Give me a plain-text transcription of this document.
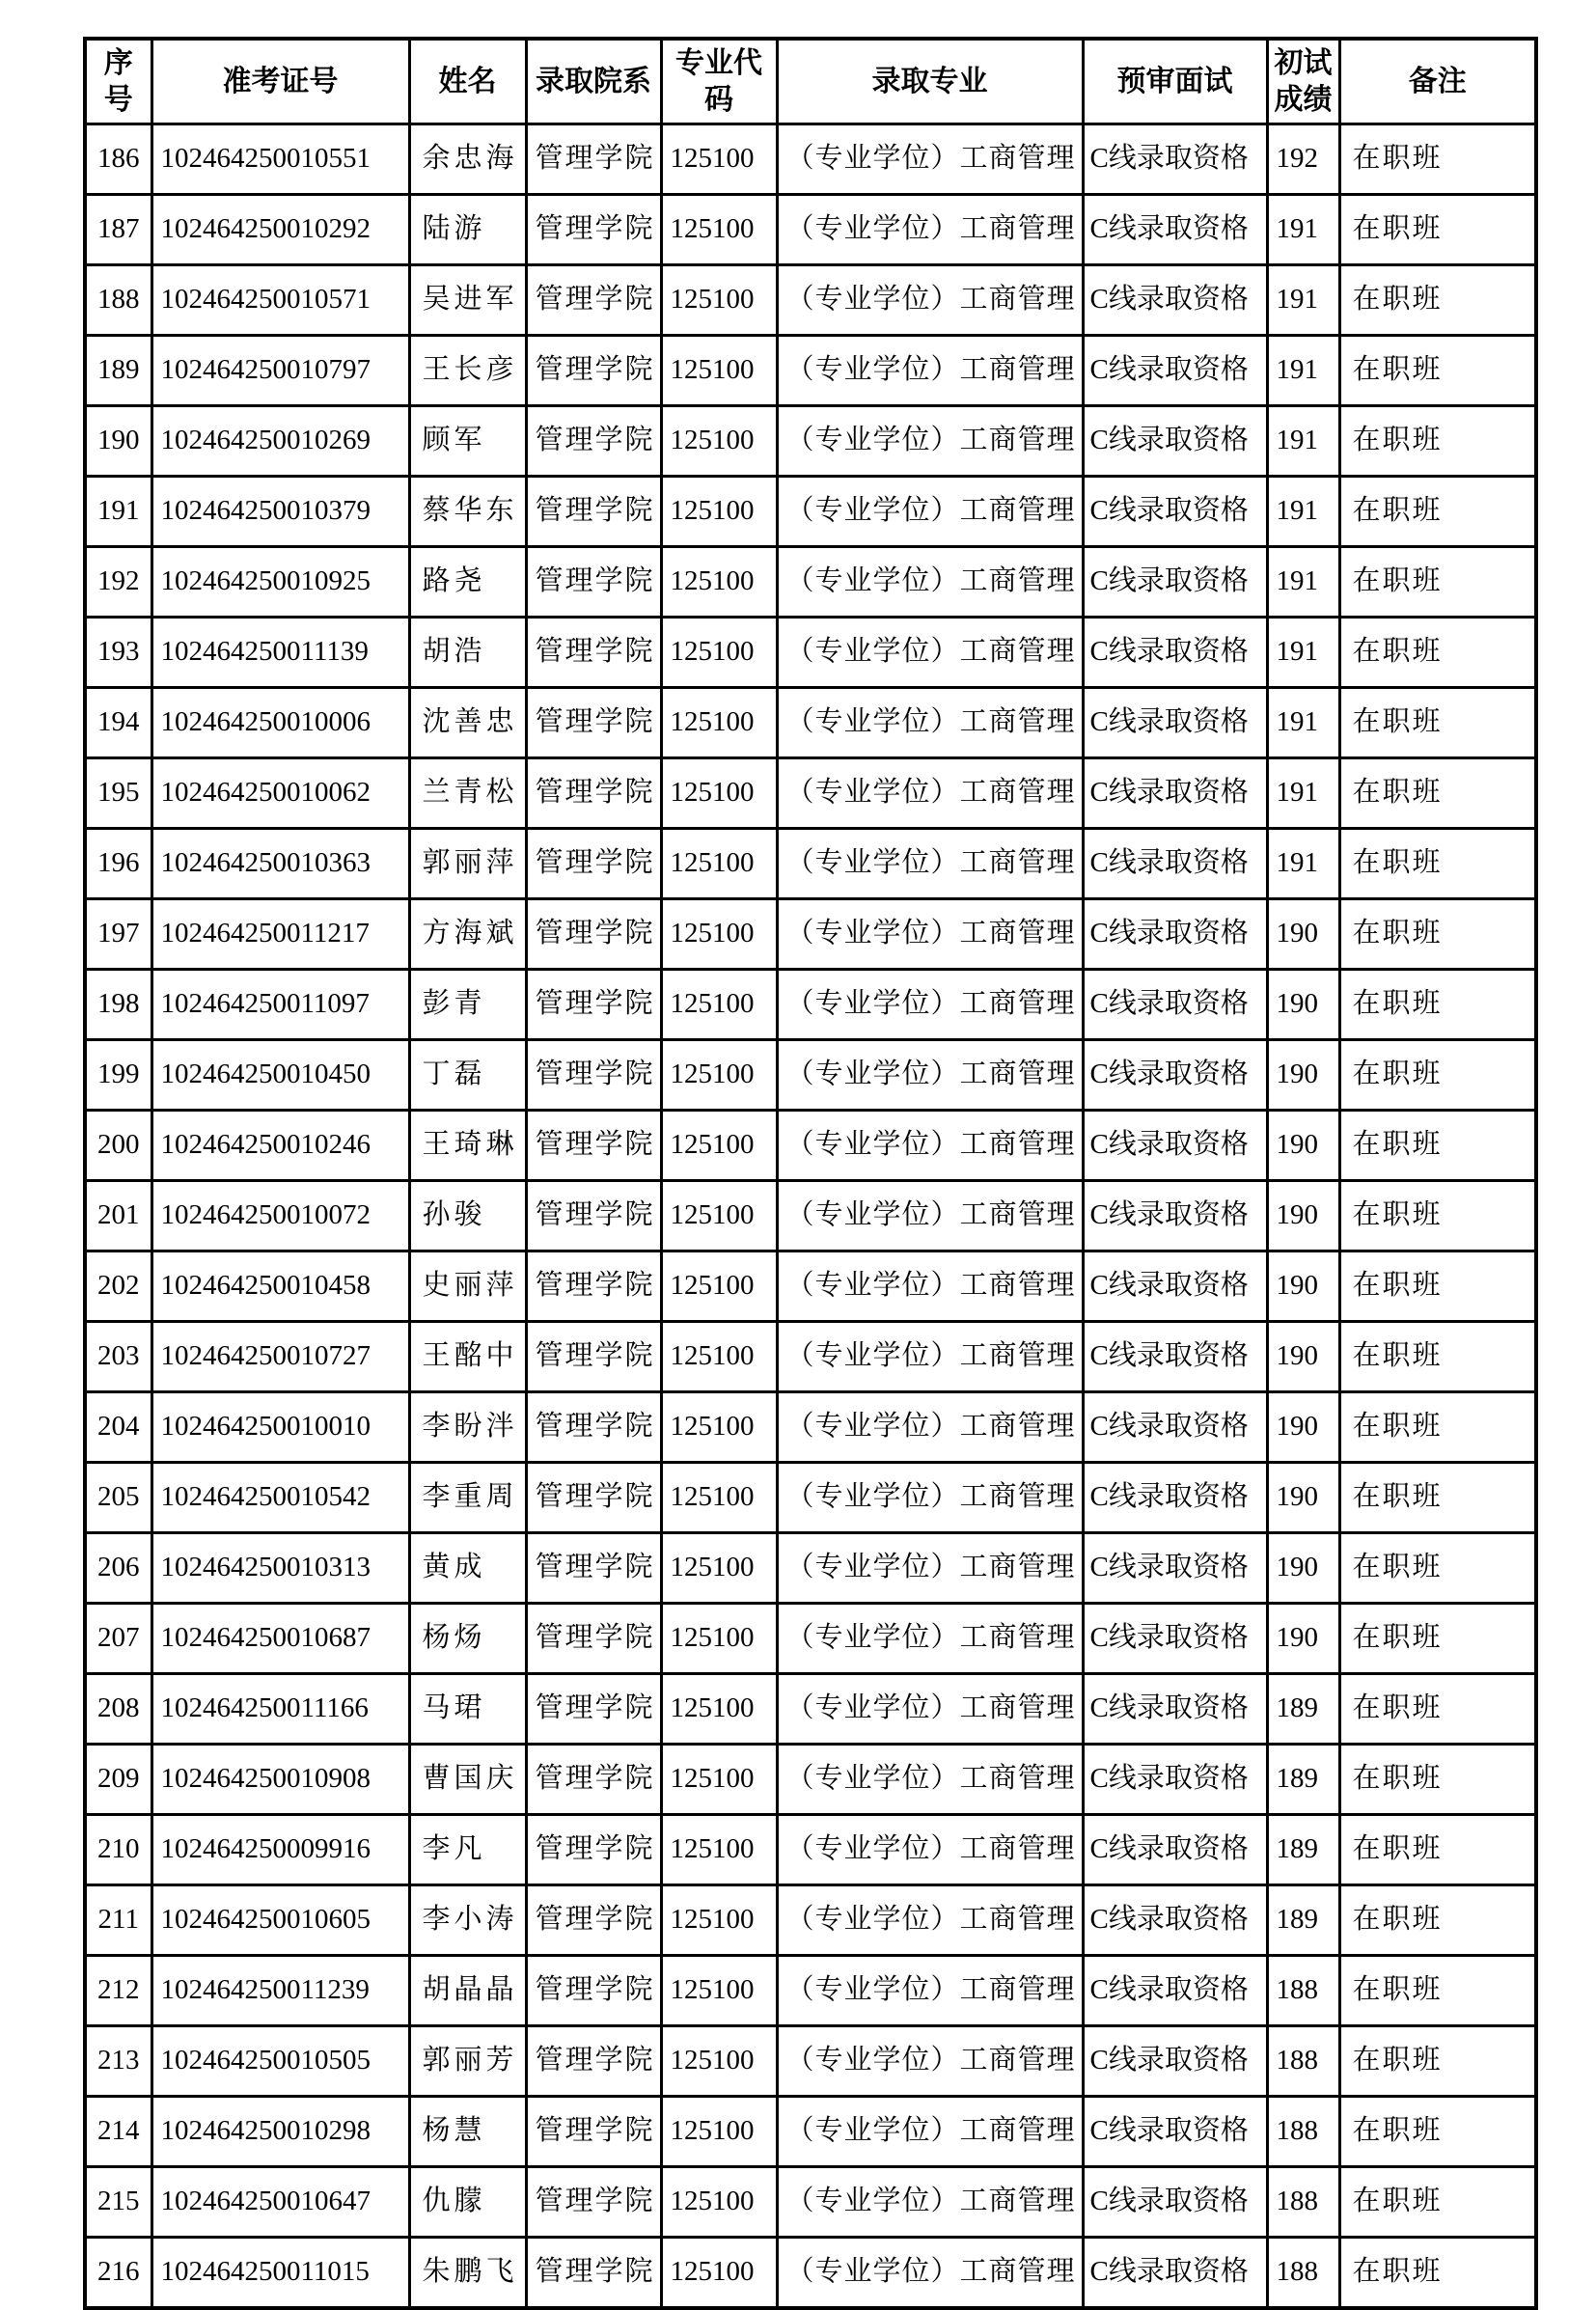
序号	准考证号	姓名	录取院系	专业代码	录取专业	预审面试	初试成绩	备注
186	102464250010551	余忠海	管理学院	125100	（专业学位）工商管理	C线录取资格	192	在职班
187	102464250010292	陆游	管理学院	125100	（专业学位）工商管理	C线录取资格	191	在职班
188	102464250010571	吴进军	管理学院	125100	（专业学位）工商管理	C线录取资格	191	在职班
189	102464250010797	王长彦	管理学院	125100	（专业学位）工商管理	C线录取资格	191	在职班
190	102464250010269	顾军	管理学院	125100	（专业学位）工商管理	C线录取资格	191	在职班
191	102464250010379	蔡华东	管理学院	125100	（专业学位）工商管理	C线录取资格	191	在职班
192	102464250010925	路尧	管理学院	125100	（专业学位）工商管理	C线录取资格	191	在职班
193	102464250011139	胡浩	管理学院	125100	（专业学位）工商管理	C线录取资格	191	在职班
194	102464250010006	沈善忠	管理学院	125100	（专业学位）工商管理	C线录取资格	191	在职班
195	102464250010062	兰青松	管理学院	125100	（专业学位）工商管理	C线录取资格	191	在职班
196	102464250010363	郭丽萍	管理学院	125100	（专业学位）工商管理	C线录取资格	191	在职班
197	102464250011217	方海斌	管理学院	125100	（专业学位）工商管理	C线录取资格	190	在职班
198	102464250011097	彭青	管理学院	125100	（专业学位）工商管理	C线录取资格	190	在职班
199	102464250010450	丁磊	管理学院	125100	（专业学位）工商管理	C线录取资格	190	在职班
200	102464250010246	王琦琳	管理学院	125100	（专业学位）工商管理	C线录取资格	190	在职班
201	102464250010072	孙骏	管理学院	125100	（专业学位）工商管理	C线录取资格	190	在职班
202	102464250010458	史丽萍	管理学院	125100	（专业学位）工商管理	C线录取资格	190	在职班
203	102464250010727	王酩中	管理学院	125100	（专业学位）工商管理	C线录取资格	190	在职班
204	102464250010010	李盼泮	管理学院	125100	（专业学位）工商管理	C线录取资格	190	在职班
205	102464250010542	李重周	管理学院	125100	（专业学位）工商管理	C线录取资格	190	在职班
206	102464250010313	黄成	管理学院	125100	（专业学位）工商管理	C线录取资格	190	在职班
207	102464250010687	杨炀	管理学院	125100	（专业学位）工商管理	C线录取资格	190	在职班
208	102464250011166	马珺	管理学院	125100	（专业学位）工商管理	C线录取资格	189	在职班
209	102464250010908	曹国庆	管理学院	125100	（专业学位）工商管理	C线录取资格	189	在职班
210	102464250009916	李凡	管理学院	125100	（专业学位）工商管理	C线录取资格	189	在职班
211	102464250010605	李小涛	管理学院	125100	（专业学位）工商管理	C线录取资格	189	在职班
212	102464250011239	胡晶晶	管理学院	125100	（专业学位）工商管理	C线录取资格	188	在职班
213	102464250010505	郭丽芳	管理学院	125100	（专业学位）工商管理	C线录取资格	188	在职班
214	102464250010298	杨慧	管理学院	125100	（专业学位）工商管理	C线录取资格	188	在职班
215	102464250010647	仇朦	管理学院	125100	（专业学位）工商管理	C线录取资格	188	在职班
216	102464250011015	朱鹏飞	管理学院	125100	（专业学位）工商管理	C线录取资格	188	在职班
